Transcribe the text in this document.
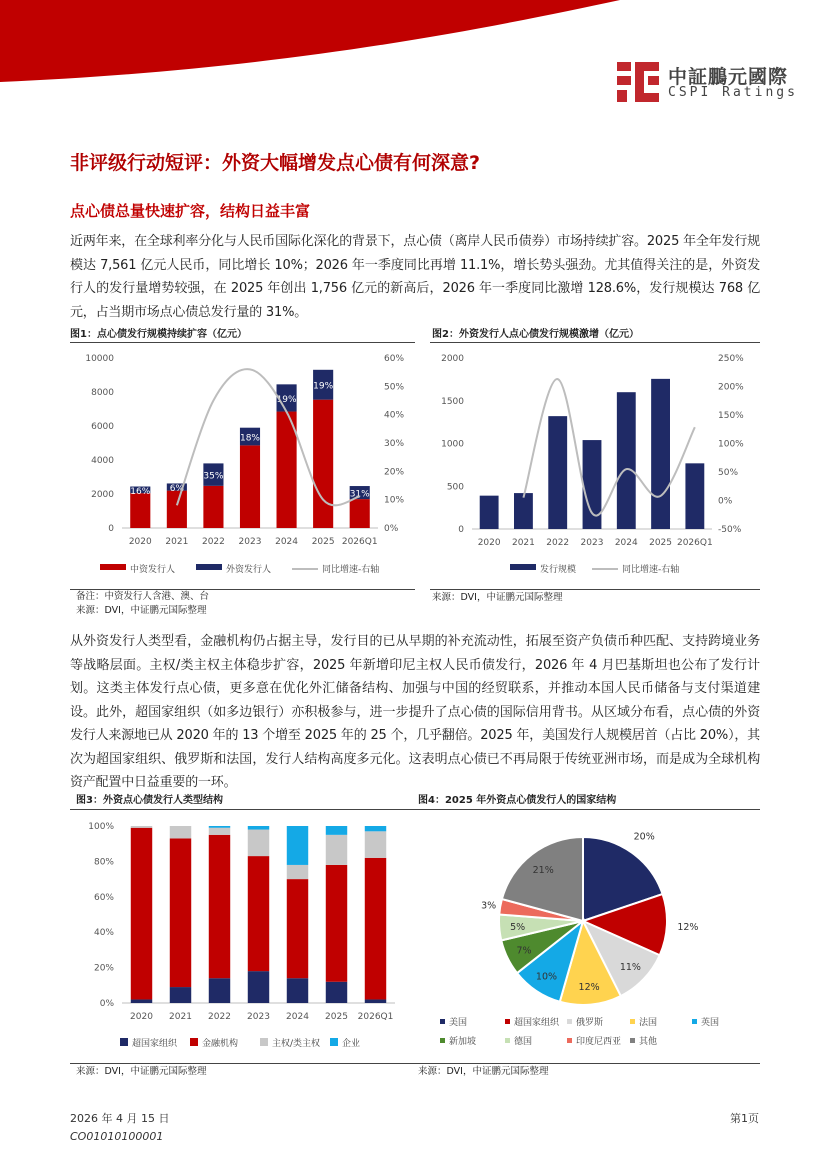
中証鵬元國際
CSPI Ratings
非评级行动短评：外资大幅增发点心债有何深意?
点心债总量快速扩容，结构日益丰富
近两年来，在全球利率分化与人民币国际化深化的背景下，点心债（离岸人民币债券）市场持续扩容。2025 年全年发行规模达 7,561 亿元人民币，同比增长 10%；2026 年一季度同比再增 11.1%，增长势头强劲。尤其值得关注的是，外资发行人的发行量增势较强，在 2025 年创出 1,756 亿元的新高后，2026 年一季度同比激增 128.6%，发行规模达 768 亿元，占当期市场点心债总发行量的 31%。
图1：点心债发行规模持续扩容（亿元）
0
2000
4000
6000
8000
10000
0%
10%
20%
30%
40%
50%
60%
2020
16%
2021
6%
2022
35%
2023
18%
2024
19%
2025
19%
2026Q1
31%
中资发行人	外资发行人	同比增速-右轴
备注：中资发行人含港、澳、台
来源：DVI，中证鹏元国际整理
图2：外资发行人点心债发行规模激增（亿元）
0
500
1000
1500
2000
-50%
0%
50%
100%
150%
200%
250%
2020 2021 2022 2023 2024 2025 2026Q1
发行规模	同比增速-右轴
来源：DVI，中证鹏元国际整理
从外资发行人类型看，金融机构仍占据主导，发行目的已从早期的补充流动性，拓展至资产负债币种匹配、支持跨境业务等战略层面。主权/类主权主体稳步扩容，2025 年新增印尼主权人民币债发行，2026 年 4 月巴基斯坦也公布了发行计划。这类主体发行点心债，更多意在优化外汇储备结构、加强与中国的经贸联系，并推动本国人民币储备与支付渠道建设。此外，超国家组织（如多边银行）亦积极参与，进一步提升了点心债的国际信用背书。从区域分布看，点心债的外资发行人来源地已从 2020 年的 13 个增至 2025 年的 25 个，几乎翻倍。2025 年，美国发行人规模居首（占比 20%），其次为超国家组织、俄罗斯和法国，发行人结构高度多元化。这表明点心债已不再局限于传统亚洲市场，而是成为全球机构资产配置中日益重要的一环。
图3：外资点心债发行人类型结构
0%
20%
40%
60%
80%
100%
2020 2021 2022 2023 2024 2025 2026Q1
超国家组织	金融机构	主权/类主权 企业
来源：DVI，中证鹏元国际整理
图4：2025 年外资点心债发行人的国家结构
20%
12%
11%
12%
10%
7%
5%
3%
21%
美国	超国家组织 俄罗斯	法国	英国
新加坡	德国	印度尼西亚 其他
来源：DVI，中证鹏元国际整理
2026 年 4 月 15 日
CO01010100001
第1页
